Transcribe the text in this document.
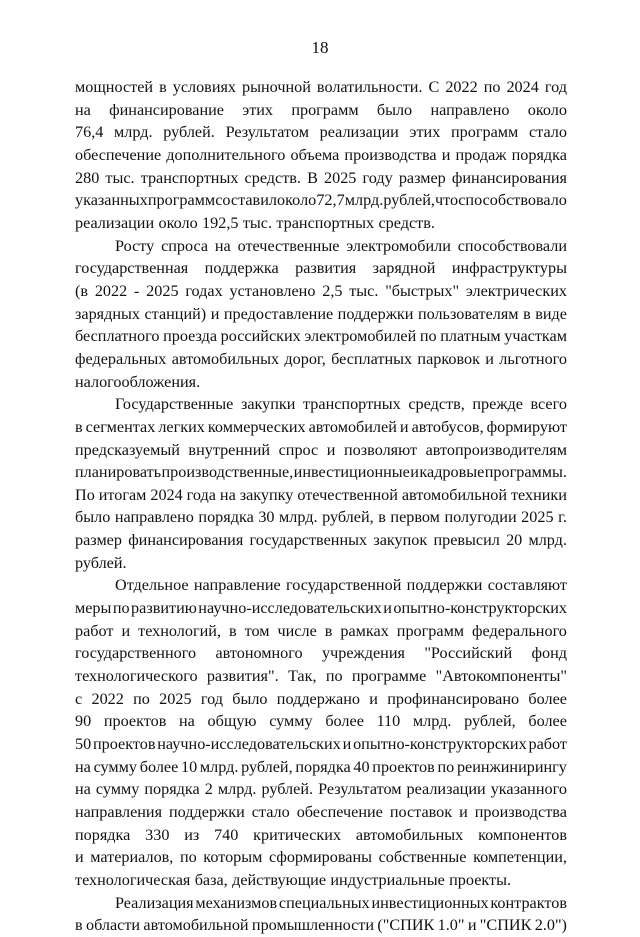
18
мощностей в условиях рыночной волатильности. С 2022 по 2024 год
на финансирование этих программ было направлено около
76,4 млрд. рублей. Результатом реализации этих программ стало
обеспечение дополнительного объема производства и продаж порядка
280 тыс. транспортных средств. В 2025 году размер финансирования
указанных программ составил около 72,7 млрд. рублей, что способствовало
реализации около 192,5 тыс. транспортных средств.
Росту спроса на отечественные электромобили способствовали
государственная поддержка развития зарядной инфраструктуры
(в 2022 - 2025 годах установлено 2,5 тыс. "быстрых" электрических
зарядных станций) и предоставление поддержки пользователям в виде
бесплатного проезда российских электромобилей по платным участкам
федеральных автомобильных дорог, бесплатных парковок и льготного
налогообложения.
Государственные закупки транспортных средств, прежде всего
в сегментах легких коммерческих автомобилей и автобусов, формируют
предсказуемый внутренний спрос и позволяют автопроизводителям
планировать производственные, инвестиционные и кадровые программы.
По итогам 2024 года на закупку отечественной автомобильной техники
было направлено порядка 30 млрд. рублей, в первом полугодии 2025 г.
размер финансирования государственных закупок превысил 20 млрд.
рублей.
Отдельное направление государственной поддержки составляют
меры по развитию научно-исследовательских и опытно-конструкторских
работ и технологий, в том числе в рамках программ федерального
государственного автономного учреждения "Российский фонд
технологического развития". Так, по программе "Автокомпоненты"
с 2022 по 2025 год было поддержано и профинансировано более
90 проектов на общую сумму более 110 млрд. рублей, более
50 проектов научно-исследовательских и опытно-конструкторских работ
на сумму более 10 млрд. рублей, порядка 40 проектов по реинжинирингу
на сумму порядка 2 млрд. рублей. Результатом реализации указанного
направления поддержки стало обеспечение поставок и производства
порядка 330 из 740 критических автомобильных компонентов
и материалов, по которым сформированы собственные компетенции,
технологическая база, действующие индустриальные проекты.
Реализация механизмов специальных инвестиционных контрактов
в области автомобильной промышленности ("СПИК 1.0" и "СПИК 2.0")
